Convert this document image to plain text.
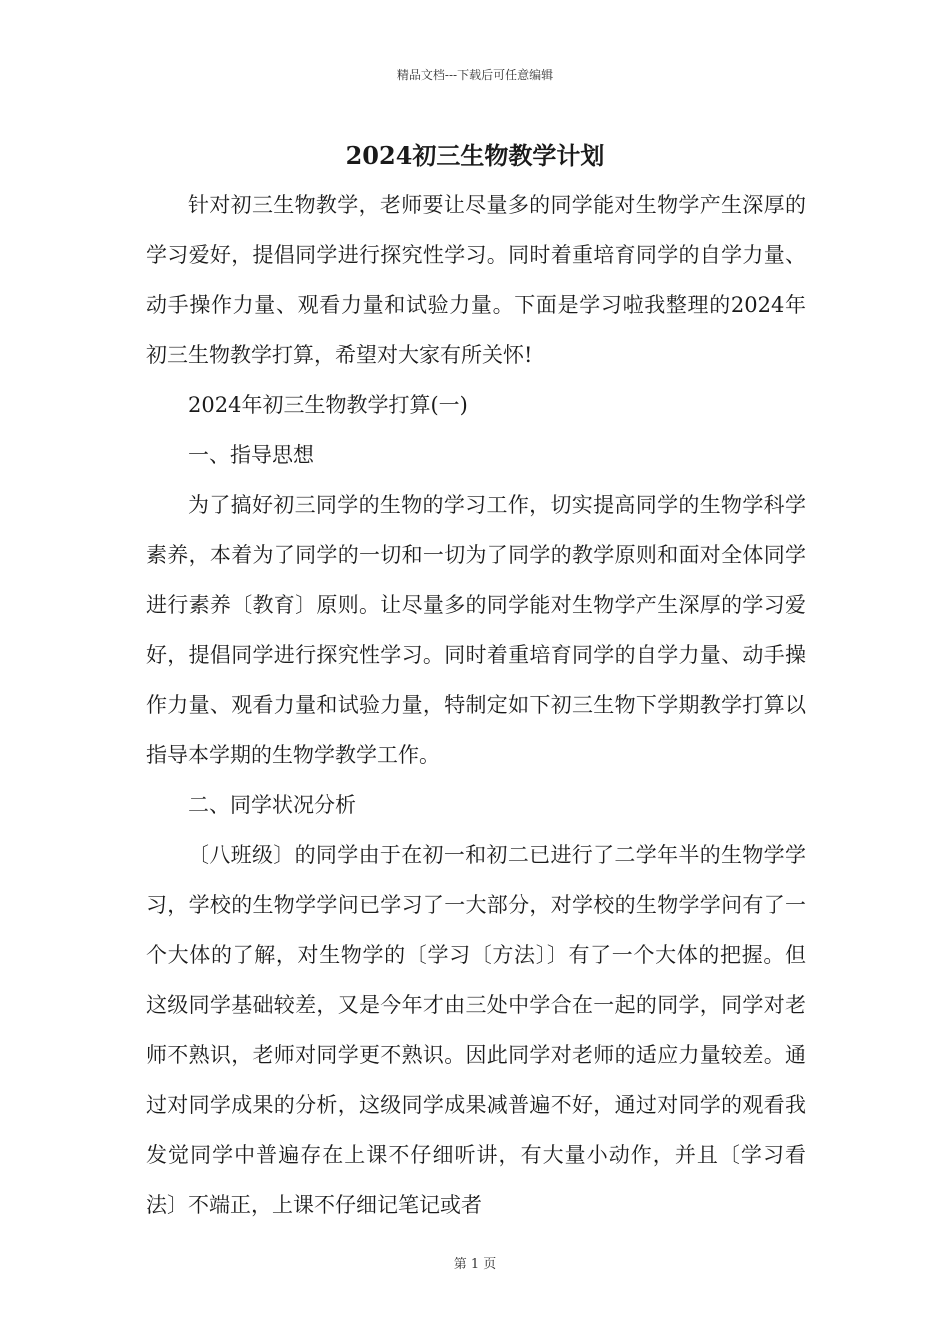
精品文档---下载后可任意编辑
2024初三生物教学计划

针对初三生物教学，老师要让尽量多的同学能对生物学产生深厚的学习爱好，提倡同学进行探究性学习。同时着重培育同学的自学力量、动手操作力量、观看力量和试验力量。下面是学习啦我整理的2024年初三生物教学打算，希望对大家有所关怀!

2024年初三生物教学打算(一)

一、指导思想

为了搞好初三同学的生物的学习工作，切实提高同学的生物学科学素养，本着为了同学的一切和一切为了同学的教学原则和面对全体同学进行素养〔教育〕原则。让尽量多的同学能对生物学产生深厚的学习爱好，提倡同学进行探究性学习。同时着重培育同学的自学力量、动手操作力量、观看力量和试验力量，特制定如下初三生物下学期教学打算以指导本学期的生物学教学工作。

二、同学状况分析

〔八班级〕的同学由于在初一和初二已进行了二学年半的生物学学习，学校的生物学学问已学习了一大部分，对学校的生物学学问有了一个大体的了解，对生物学的〔学习〔方法〕〕有了一个大体的把握。但这级同学基础较差，又是今年才由三处中学合在一起的同学，同学对老师不熟识，老师对同学更不熟识。因此同学对老师的适应力量较差。通过对同学成果的分析，这级同学成果减普遍不好，通过对同学的观看我发觉同学中普遍存在上课不仔细听讲，有大量小动作，并且〔学习看法〕不端正，上课不仔细记笔记或者

第 1 页
